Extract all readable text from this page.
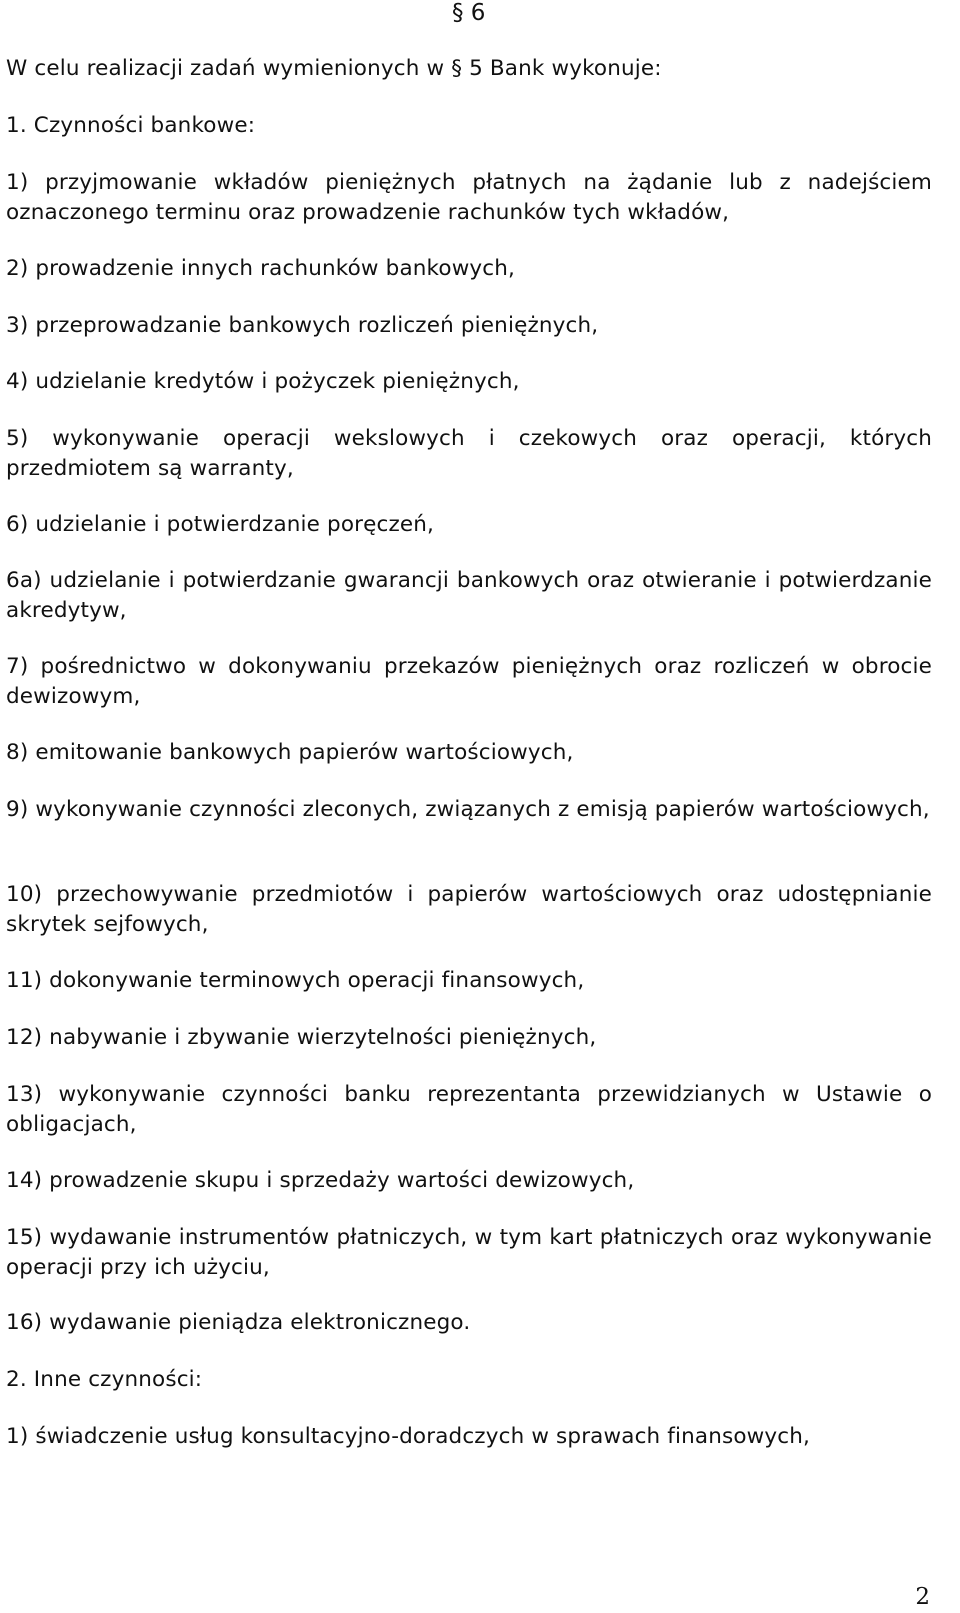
§ 6

W celu realizacji zadań wymienionych w § 5 Bank wykonuje:

1. Czynności bankowe:

1) przyjmowanie wkładów pieniężnych płatnych na żądanie lub z nadejściem oznaczonego terminu oraz prowadzenie rachunków tych wkładów,

2) prowadzenie innych rachunków bankowych,

3) przeprowadzanie bankowych rozliczeń pieniężnych,

4) udzielanie kredytów i pożyczek pieniężnych,

5) wykonywanie operacji wekslowych i czekowych oraz operacji, których przedmiotem są warranty,

6) udzielanie i potwierdzanie poręczeń,

6a) udzielanie i potwierdzanie gwarancji bankowych oraz otwieranie i potwierdzanie akredytyw,

7) pośrednictwo w dokonywaniu przekazów pieniężnych oraz rozliczeń w obrocie dewizowym,

8) emitowanie bankowych papierów wartościowych,

9) wykonywanie czynności zleconych, związanych z emisją papierów wartościowych,

10) przechowywanie przedmiotów i papierów wartościowych oraz udostępnianie skrytek sejfowych,

11) dokonywanie terminowych operacji finansowych,

12) nabywanie i zbywanie wierzytelności pieniężnych,

13) wykonywanie czynności banku reprezentanta przewidzianych w Ustawie o obligacjach,

14) prowadzenie skupu i sprzedaży wartości dewizowych,

15) wydawanie instrumentów płatniczych, w tym kart płatniczych oraz wykonywanie operacji przy ich użyciu,

16) wydawanie pieniądza elektronicznego.

2. Inne czynności:

1) świadczenie usług konsultacyjno-doradczych w sprawach finansowych,

2
